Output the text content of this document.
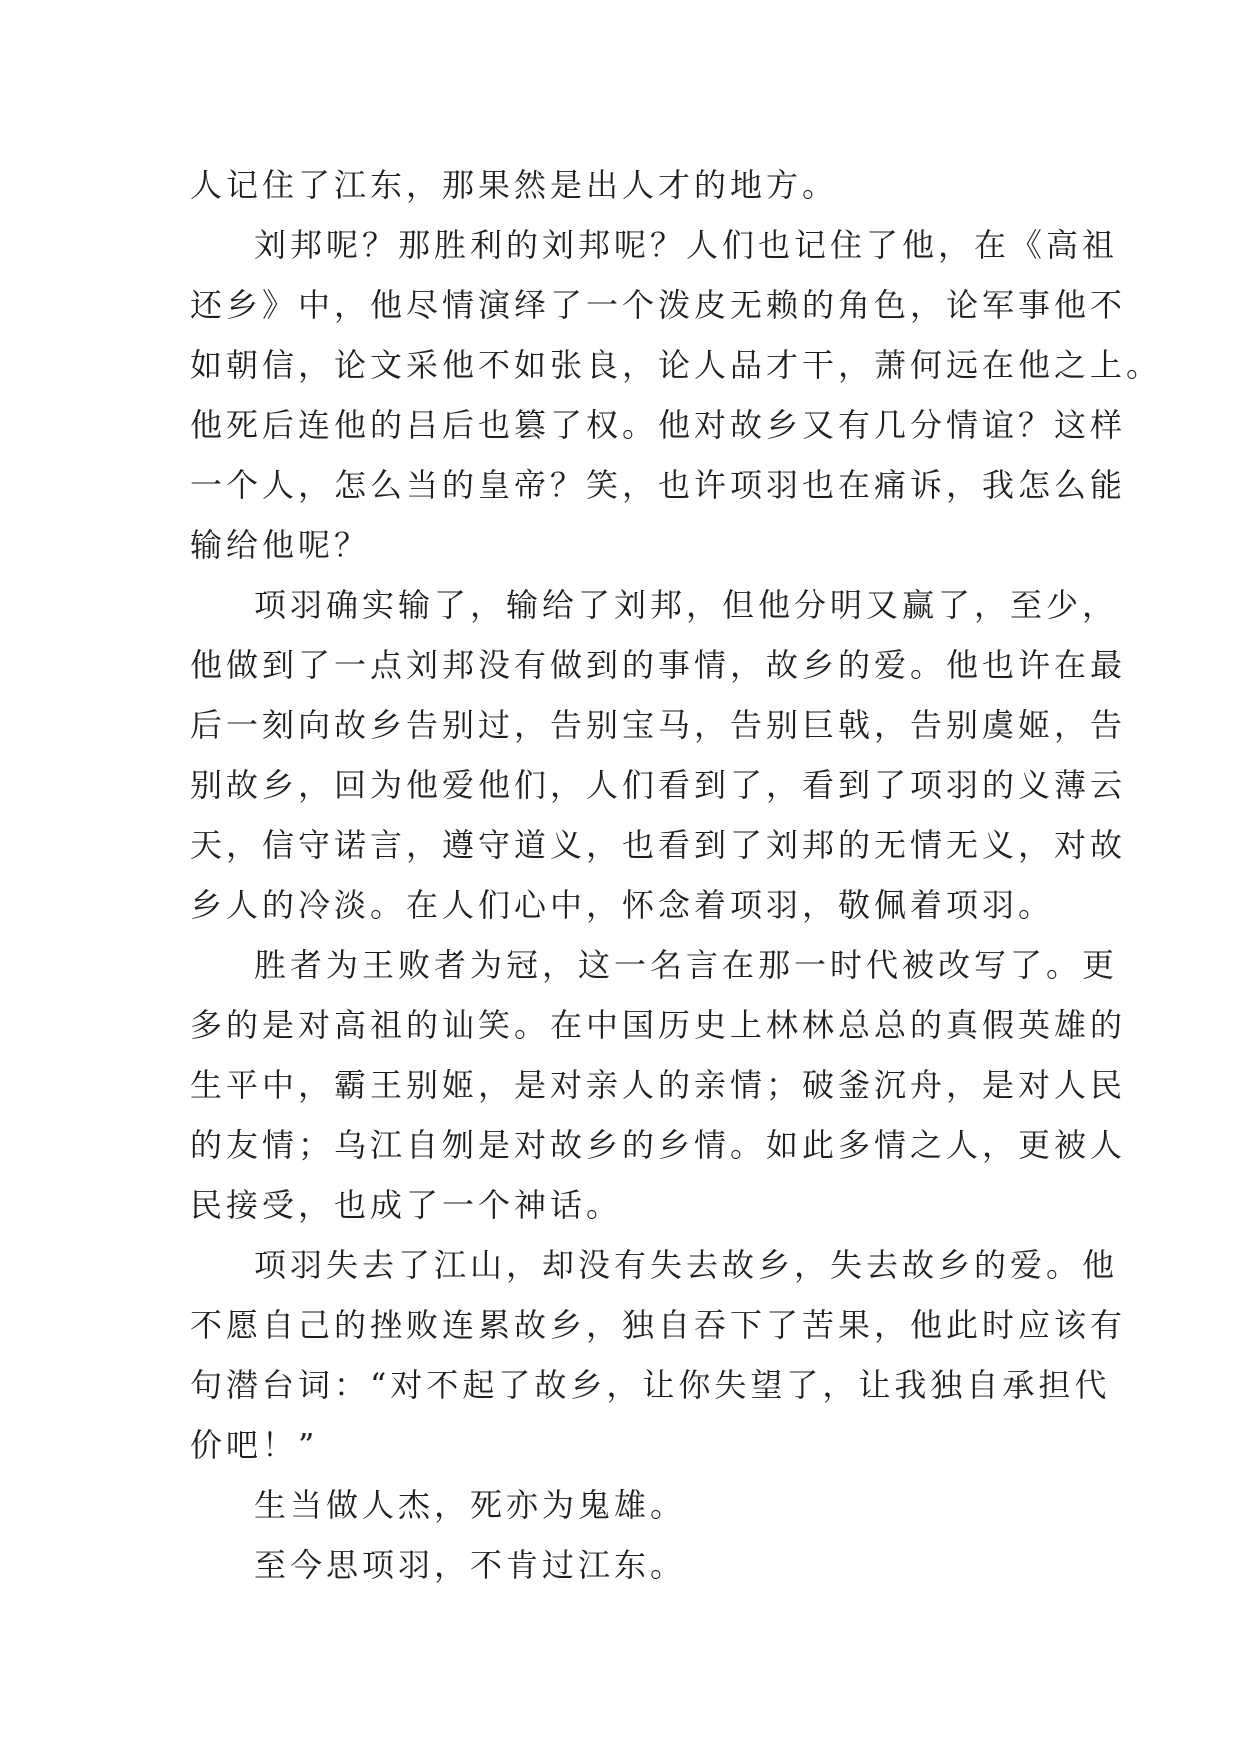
人记住了江东，那果然是出人才的地方。
刘邦呢？那胜利的刘邦呢？人们也记住了他，在《高祖
还乡》中，他尽情演绎了一个泼皮无赖的角色，论军事他不
如朝信，论文采他不如张良，论人品才干，萧何远在他之上。
他死后连他的吕后也篡了权。他对故乡又有几分情谊？这样
一个人，怎么当的皇帝？笑，也许项羽也在痛诉，我怎么能
输给他呢？
项羽确实输了，输给了刘邦，但他分明又赢了，至少，
他做到了一点刘邦没有做到的事情，故乡的爱。他也许在最
后一刻向故乡告别过，告别宝马，告别巨戟，告别虞姬，告
别故乡，回为他爱他们，人们看到了，看到了项羽的义薄云
天，信守诺言，遵守道义，也看到了刘邦的无情无义，对故
乡人的冷淡。在人们心中，怀念着项羽，敬佩着项羽。
胜者为王败者为冠，这一名言在那一时代被改写了。更
多的是对高祖的讪笑。在中国历史上林林总总的真假英雄的
生平中，霸王别姬，是对亲人的亲情；破釜沉舟，是对人民
的友情；乌江自刎是对故乡的乡情。如此多情之人，更被人
民接受，也成了一个神话。
项羽失去了江山，却没有失去故乡，失去故乡的爱。他
不愿自己的挫败连累故乡，独自吞下了苦果，他此时应该有
句潜台词：“对不起了故乡，让你失望了，让我独自承担代
价吧！”
生当做人杰，死亦为鬼雄。
至今思项羽，不肯过江东。
